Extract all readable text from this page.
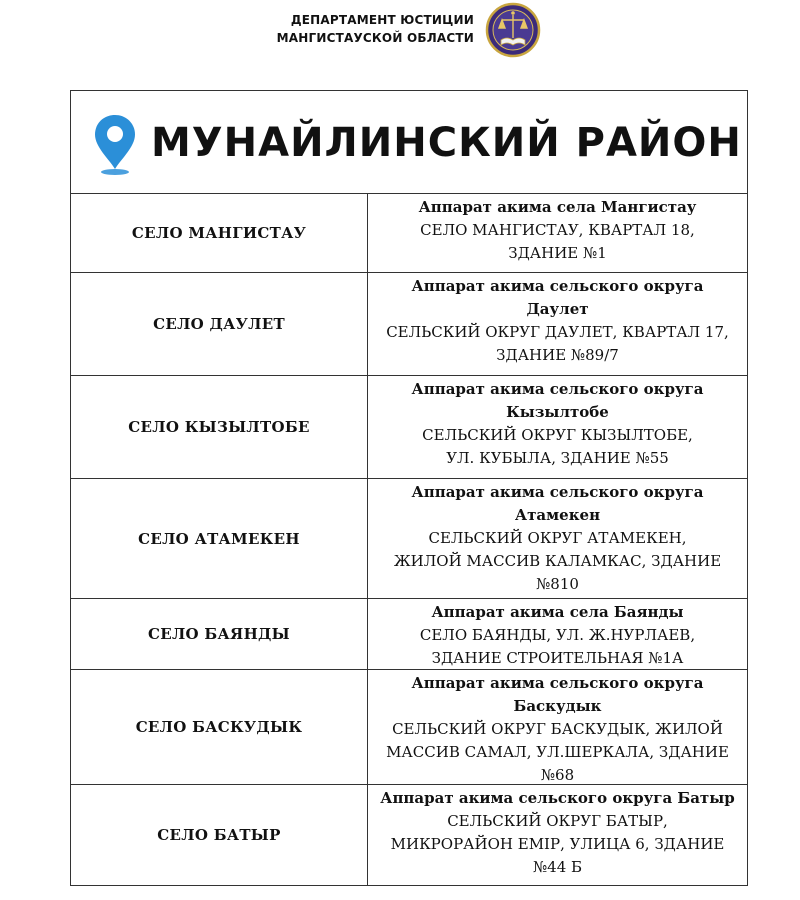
ДЕПАРТАМЕНТ ЮСТИЦИИ
МАНГИСТАУСКОЙ ОБЛАСТИ
МУНАЙЛИНСКИЙ РАЙОН
СЕЛО МАНГИСТАУ
Аппарат акима села Мангистау
СЕЛО МАНГИСТАУ, КВАРТАЛ 18,
ЗДАНИЕ №1
СЕЛО ДАУЛЕТ
Аппарат акима сельского округа
Даулет
СЕЛЬСКИЙ ОКРУГ ДАУЛЕТ, КВАРТАЛ 17,
ЗДАНИЕ №89/7
СЕЛО КЫЗЫЛТОБЕ
Аппарат акима сельского округа
Кызылтобе
СЕЛЬСКИЙ ОКРУГ КЫЗЫЛТОБЕ,
УЛ. КУБЫЛА, ЗДАНИЕ №55
СЕЛО АТАМЕКЕН
Аппарат акима сельского округа
Атамекен
СЕЛЬСКИЙ ОКРУГ АТАМЕКЕН,
ЖИЛОЙ МАССИВ КАЛАМКАС, ЗДАНИЕ
№810
СЕЛО БАЯНДЫ
Аппарат акима села Баянды
СЕЛО БАЯНДЫ, УЛ. Ж.НУРЛАЕВ,
ЗДАНИЕ СТРОИТЕЛЬНАЯ №1А
СЕЛО БАСКУДЫК
Аппарат акима сельского округа
Баскудык
СЕЛЬСКИЙ ОКРУГ БАСКУДЫК, ЖИЛОЙ
МАССИВ САМАЛ, УЛ.ШЕРКАЛА, ЗДАНИЕ
№68
СЕЛО БАТЫР
Аппарат акима сельского округа Батыр
СЕЛЬСКИЙ ОКРУГ БАТЫР,
МИКРОРАЙОН ЕМІР, УЛИЦА 6, ЗДАНИЕ
№44 Б
